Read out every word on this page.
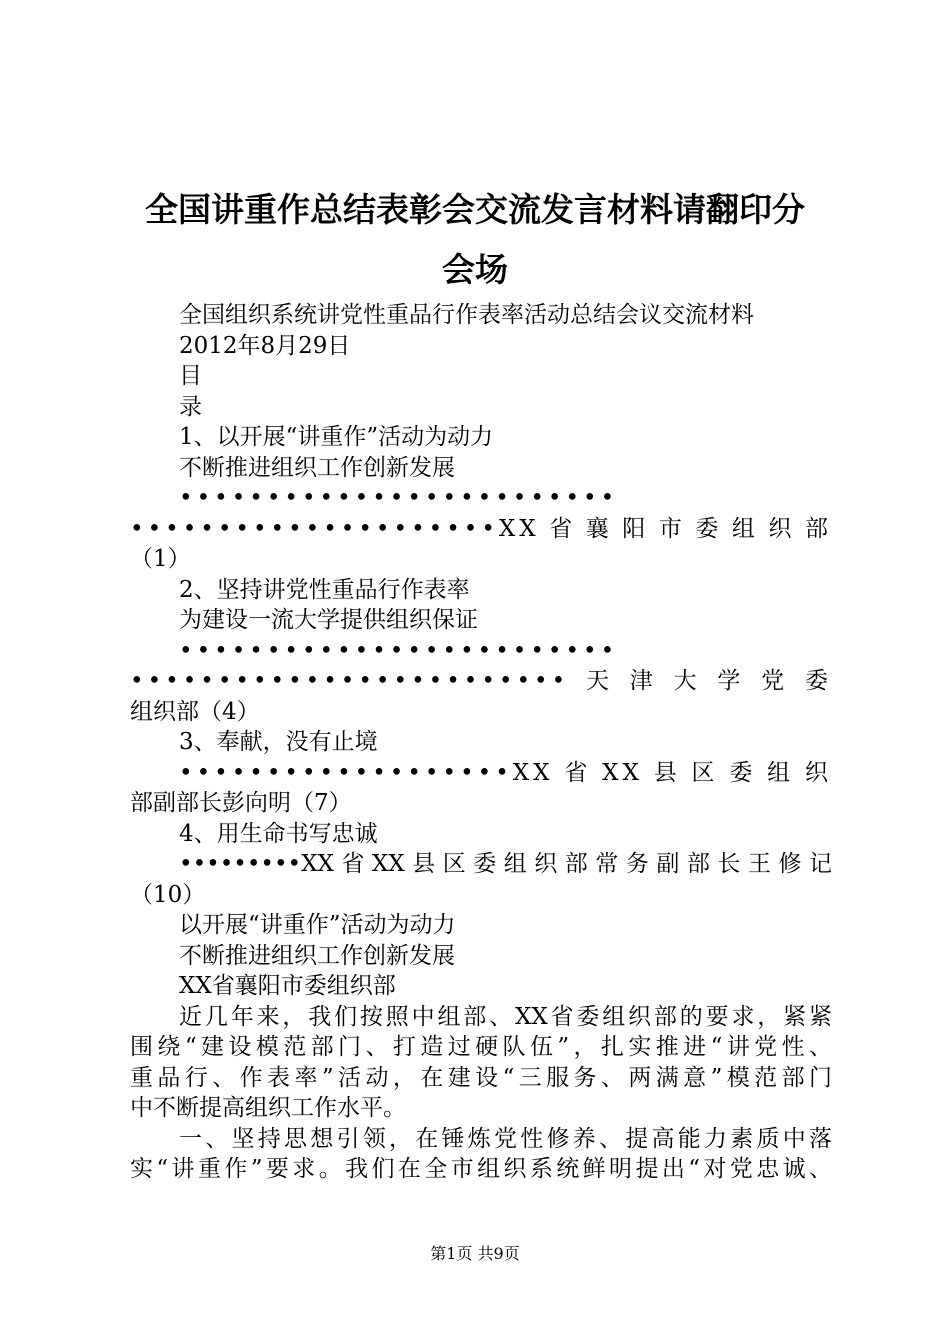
全国讲重作总结表彰会交流发言材料请翻印分
会场
全国组织系统讲党性重品行作表率活动总结会议交流材料
2012年8月29日
目
录
1、以开展“讲重作”活动为动力
不断推进组织工作创新发展
•••••••••••••••••••••••••
•••••••••••••••••••••XX省襄阳市委组织部
（1）
2、坚持讲党性重品行作表率
为建设一流大学提供组织保证
•••••••••••••••••••••••••
•••••••••••••••••••••••••天津大学党委
组织部（4）
3、奉献，没有止境
•••••••••••••••••••XX省XX县区委组织
部副部长彭向明（7）
4、用生命书写忠诚
•••••••••XX省XX县区委组织部常务副部长王修记
（10）
以开展“讲重作”活动为动力
不断推进组织工作创新发展
XX省襄阳市委组织部
近几年来，我们按照中组部、XX省委组织部的要求，紧紧
围绕“建设模范部门、打造过硬队伍”，扎实推进“讲党性、
重品行、作表率”活动，在建设“三服务、两满意”模范部门
中不断提高组织工作水平。
一、坚持思想引领，在锤炼党性修养、提高能力素质中落
实“讲重作”要求。我们在全市组织系统鲜明提出“对党忠诚、
第1页 共9页
